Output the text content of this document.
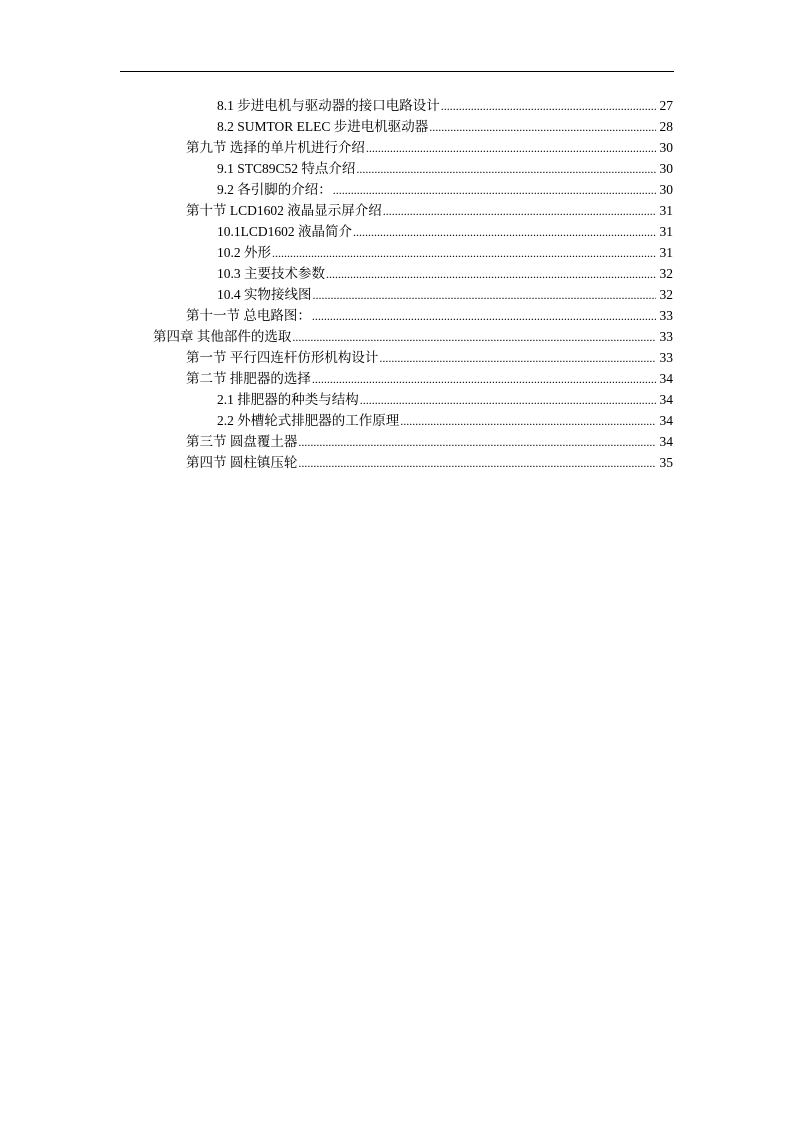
8.1 步进电机与驱动器的接口电路设计 .....	27
8.2 SUMTOR ELEC 步进电机驱动器 .....	28
第九节 选择的单片机进行介绍 .....	30
9.1 STC89C52 特点介绍 .....	30
9.2 各引脚的介绍： .....	30
第十节 LCD1602 液晶显示屏介绍 .....	31
10.1LCD1602 液晶简介 .....	31
10.2 外形 .....	31
10.3 主要技术参数 .....	32
10.4 实物接线图 .....	32
第十一节 总电路图： .....	33
第四章 其他部件的选取 .....	33
第一节 平行四连杆仿形机构设计 .....	33
第二节 排肥器的选择 .....	34
2.1 排肥器的种类与结构 .....	34
2.2 外槽轮式排肥器的工作原理 .....	34
第三节 圆盘覆土器 .....	34
第四节 圆柱镇压轮 .....	35
